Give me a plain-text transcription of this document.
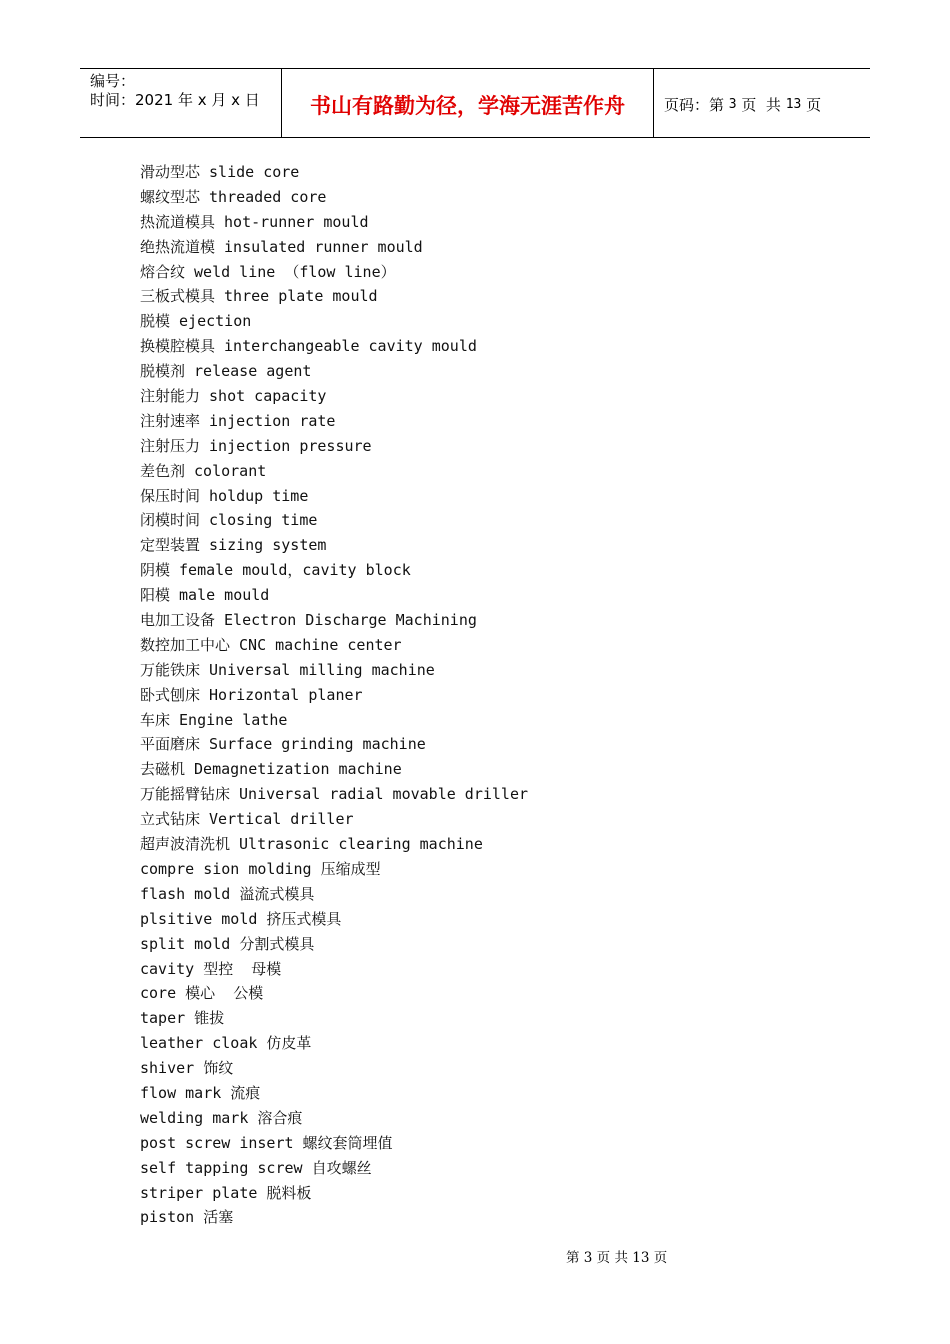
编号：
时间：2021 年 x 月 x 日	书山有路勤为径，学海无涯苦作舟	页码：第 3 页  共 13 页
滑动型芯 slide core
螺纹型芯 threaded core
热流道模具 hot-runner mould
绝热流道模 insulated runner mould
熔合纹 weld line （flow line）
三板式模具 three plate mould
脱模 ejection
换模腔模具 interchangeable cavity mould
脱模剂 release agent
注射能力 shot capacity
注射速率 injection rate
注射压力 injection pressure
差色剂 colorant
保压时间 holdup time
闭模时间 closing time
定型装置 sizing system
阴模 female mould，cavity block
阳模 male mould
电加工设备 Electron Discharge Machining
数控加工中心 CNC machine center
万能铁床 Universal milling machine
卧式刨床 Horizontal planer
车床 Engine lathe
平面磨床 Surface grinding machine
去磁机 Demagnetization machine
万能摇臂钻床 Universal radial movable driller
立式钻床 Vertical driller
超声波清洗机 Ultrasonic clearing machine
compre sion molding 压缩成型
flash mold 溢流式模具
plsitive mold 挤压式模具
split mold 分割式模具
cavity 型控  母模
core 模心  公模
taper 锥拔
leather cloak 仿皮革
shiver 饰纹
flow mark 流痕
welding mark 溶合痕
post screw insert 螺纹套筒埋值
self tapping screw 自攻螺丝
striper plate 脱料板
piston 活塞
第 3 页 共 13 页
